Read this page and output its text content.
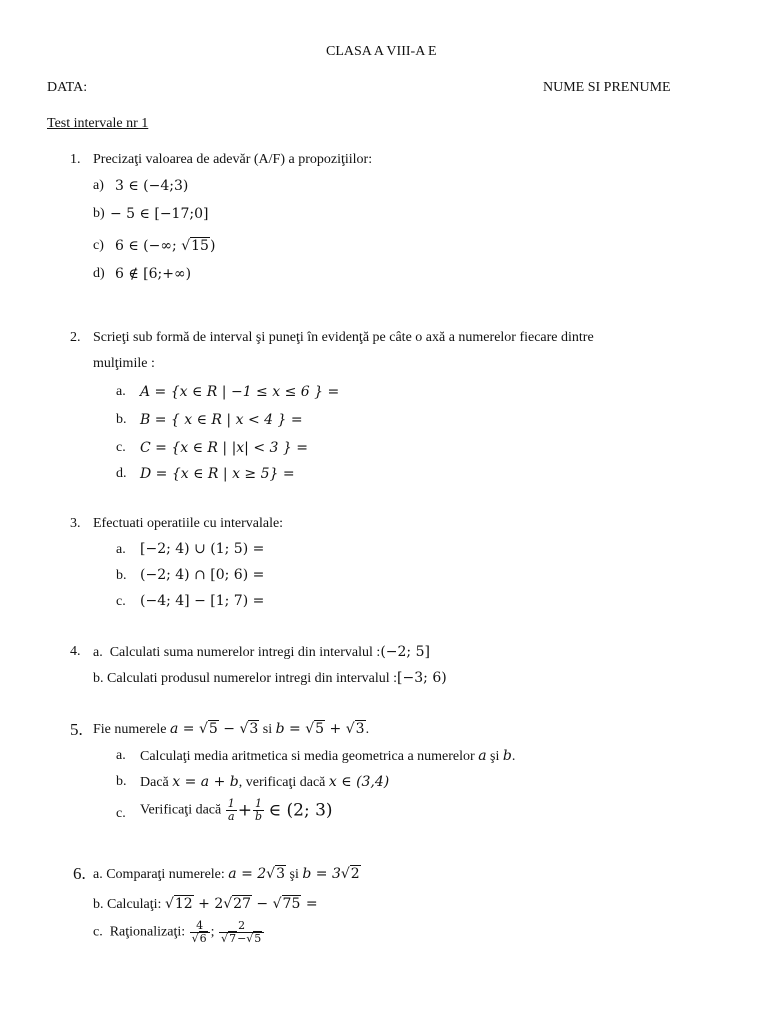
CLASA A VIII-A E
DATA:	NUME SI PRENUME
Test intervale nr 1
1. Precizaţi valoarea de adevăr (A/F) a propoziţiilor:
a) 3 ∈ (−4;3)
b) − 5 ∈ [−17;0]
c) 6 ∈ (−∞; √15)
d) 6 ∉ [6;+∞)
2. Scrieţi sub formă de interval şi puneţi în evidenţă pe câte o axă a numerelor fiecare dintre
mulţimile :
a. A = {x ∈ R | −1 ≤ x ≤ 6 } =
b. B = { x ∈ R | x < 4 } =
c. C = {x ∈ R | |x| < 3 } =
d. D = {x ∈ R | x ≥ 5} =
3. Efectuati operatiile cu intervalale:
a. [−2; 4) ∪ (1; 5) =
b. (−2; 4) ∩ [0; 6) =
c. (−4; 4] − [1; 7) =
4. a. Calculati suma numerelor intregi din intervalul :(−2; 5]
b. Calculati produsul numerelor intregi din intervalul :[−3; 6)
5. Fie numerele a = √5 − √3 si b = √5 + √3.
a. Calculaţi media aritmetica si media geometrica a numerelor a şi b.
b. Dacă x = a + b, verificaţi dacă x ∈ (3,4)
c. Verificaţi dacă $\frac{1}{a} + \frac{1}{b}$ ∈ (2; 3)
6. a. Comparaţi numerele: a = 2√3 şi b = 3√2
b. Calculaţi: √12 + 2√27 − √75 =
c. Raţionalizaţi: $\frac{4}{√6}$ ; $\frac{2}{√7-√5}$
